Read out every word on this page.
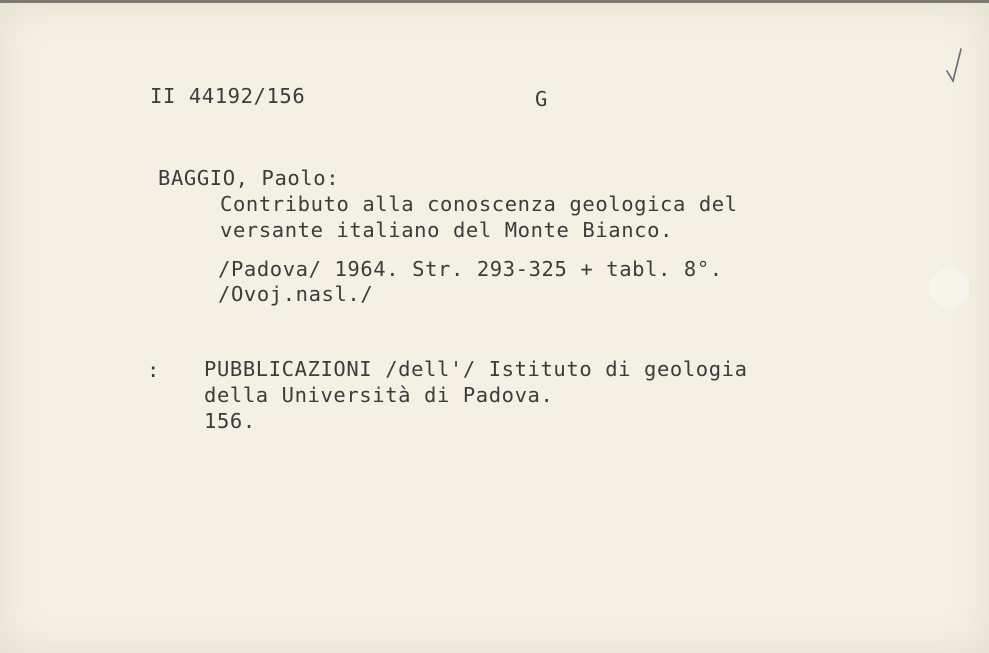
II 44192/156	G
BAGGIO, Paolo:
Contributo alla conoscenza geologica del
versante italiano del Monte Bianco.
/Padova/ 1964. Str. 293-325 + tabl. 8°.
/Ovoj.nasl./
: PUBBLICAZIONI /dell'/ Istituto di geologia
della Università di Padova.
156.
